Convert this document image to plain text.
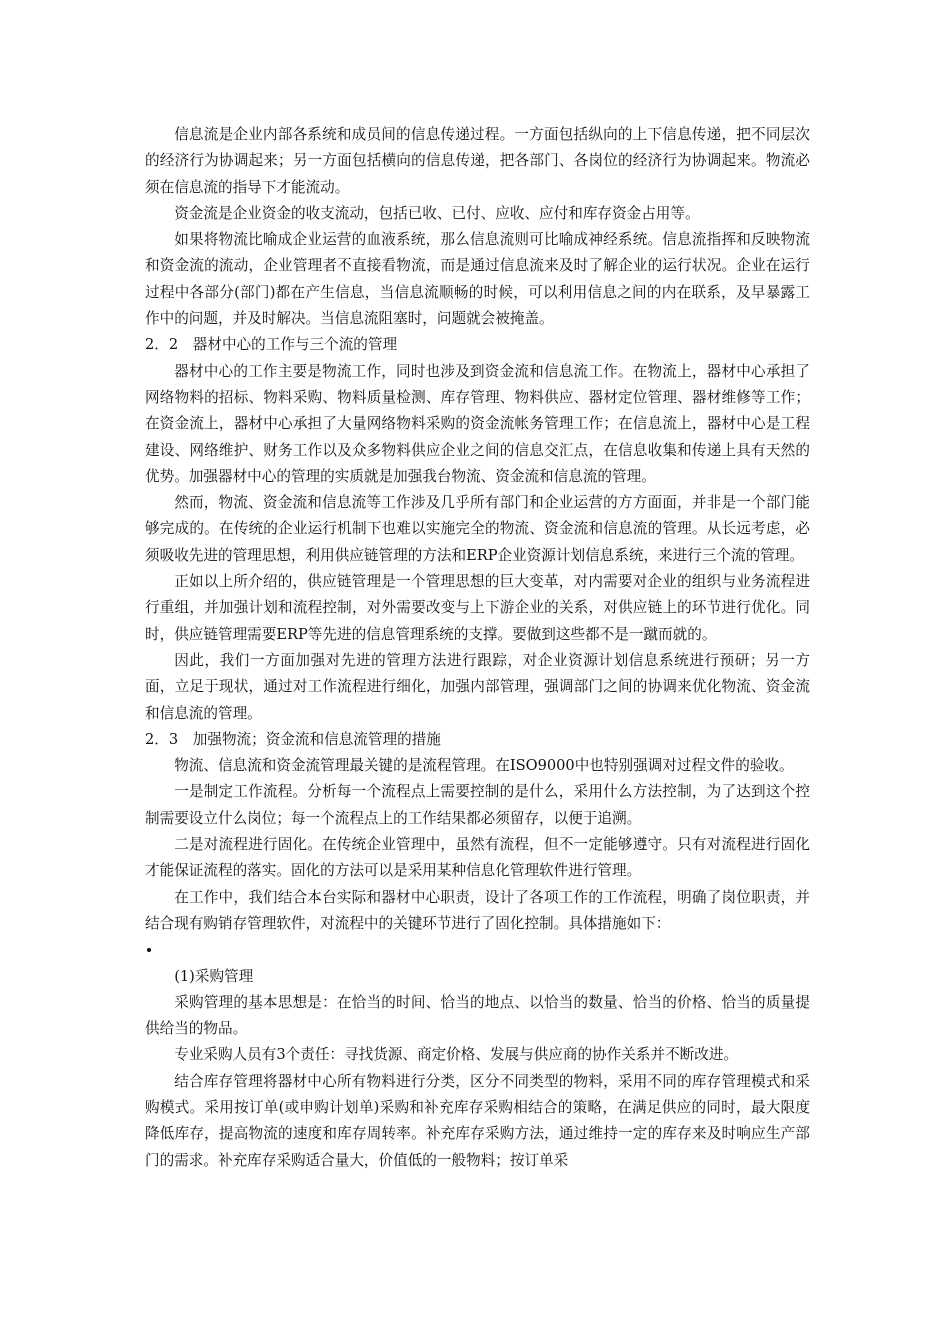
信息流是企业内部各系统和成员间的信息传递过程。一方面包括纵向的上下信息传递，把不同层次的经济行为协调起来；另一方面包括横向的信息传递，把各部门、各岗位的经济行为协调起来。物流必须在信息流的指导下才能流动。

资金流是企业资金的收支流动，包括已收、已付、应收、应付和库存资金占用等。

如果将物流比喻成企业运营的血液系统，那么信息流则可比喻成神经系统。信息流指挥和反映物流和资金流的流动，企业管理者不直接看物流，而是通过信息流来及时了解企业的运行状况。企业在运行过程中各部分(部门)都在产生信息，当信息流顺畅的时候，可以利用信息之间的内在联系，及早暴露工作中的问题，并及时解决。当信息流阻塞时，问题就会被掩盖。

2．2　器材中心的工作与三个流的管理

器材中心的工作主要是物流工作，同时也涉及到资金流和信息流工作。在物流上，器材中心承担了网络物料的招标、物料采购、物料质量检测、库存管理、物料供应、器材定位管理、器材维修等工作；在资金流上，器材中心承担了大量网络物料采购的资金流帐务管理工作；在信息流上，器材中心是工程建设、网络维护、财务工作以及众多物料供应企业之间的信息交汇点，在信息收集和传递上具有天然的优势。加强器材中心的管理的实质就是加强我台物流、资金流和信息流的管理。

然而，物流、资金流和信息流等工作涉及几乎所有部门和企业运营的方方面面，并非是一个部门能够完成的。在传统的企业运行机制下也难以实施完全的物流、资金流和信息流的管理。从长远考虑，必须吸收先进的管理思想，利用供应链管理的方法和ERP企业资源计划信息系统，来进行三个流的管理。

正如以上所介绍的，供应链管理是一个管理思想的巨大变革，对内需要对企业的组织与业务流程进行重组，并加强计划和流程控制，对外需要改变与上下游企业的关系，对供应链上的环节进行优化。同时，供应链管理需要ERP等先进的信息管理系统的支撑。要做到这些都不是一蹴而就的。

因此，我们一方面加强对先进的管理方法进行跟踪，对企业资源计划信息系统进行预研；另一方面，立足于现状，通过对工作流程进行细化，加强内部管理，强调部门之间的协调来优化物流、资金流和信息流的管理。

2．3　加强物流；资金流和信息流管理的措施

物流、信息流和资金流管理最关键的是流程管理。在ISO9000中也特别强调对过程文件的验收。

一是制定工作流程。分析每一个流程点上需要控制的是什么，采用什么方法控制，为了达到这个控制需要设立什么岗位；每一个流程点上的工作结果都必须留存，以便于追溯。

二是对流程进行固化。在传统企业管理中，虽然有流程，但不一定能够遵守。只有对流程进行固化才能保证流程的落实。固化的方法可以是采用某种信息化管理软件进行管理。

在工作中，我们结合本台实际和器材中心职责，设计了各项工作的工作流程，明确了岗位职责，并结合现有购销存管理软件，对流程中的关键环节进行了固化控制。具体措施如下：

(1)采购管理

采购管理的基本思想是：在恰当的时间、恰当的地点、以恰当的数量、恰当的价格、恰当的质量提供给当的物品。

专业采购人员有3个责任：寻找货源、商定价格、发展与供应商的协作关系并不断改进。

结合库存管理将器材中心所有物料进行分类，区分不同类型的物料，采用不同的库存管理模式和采购模式。采用按订单(或申购计划单)采购和补充库存采购相结合的策略，在满足供应的同时，最大限度降低库存，提高物流的速度和库存周转率。补充库存采购方法，通过维持一定的库存来及时响应生产部门的需求。补充库存采购适合量大，价值低的一般物料；按订单采
